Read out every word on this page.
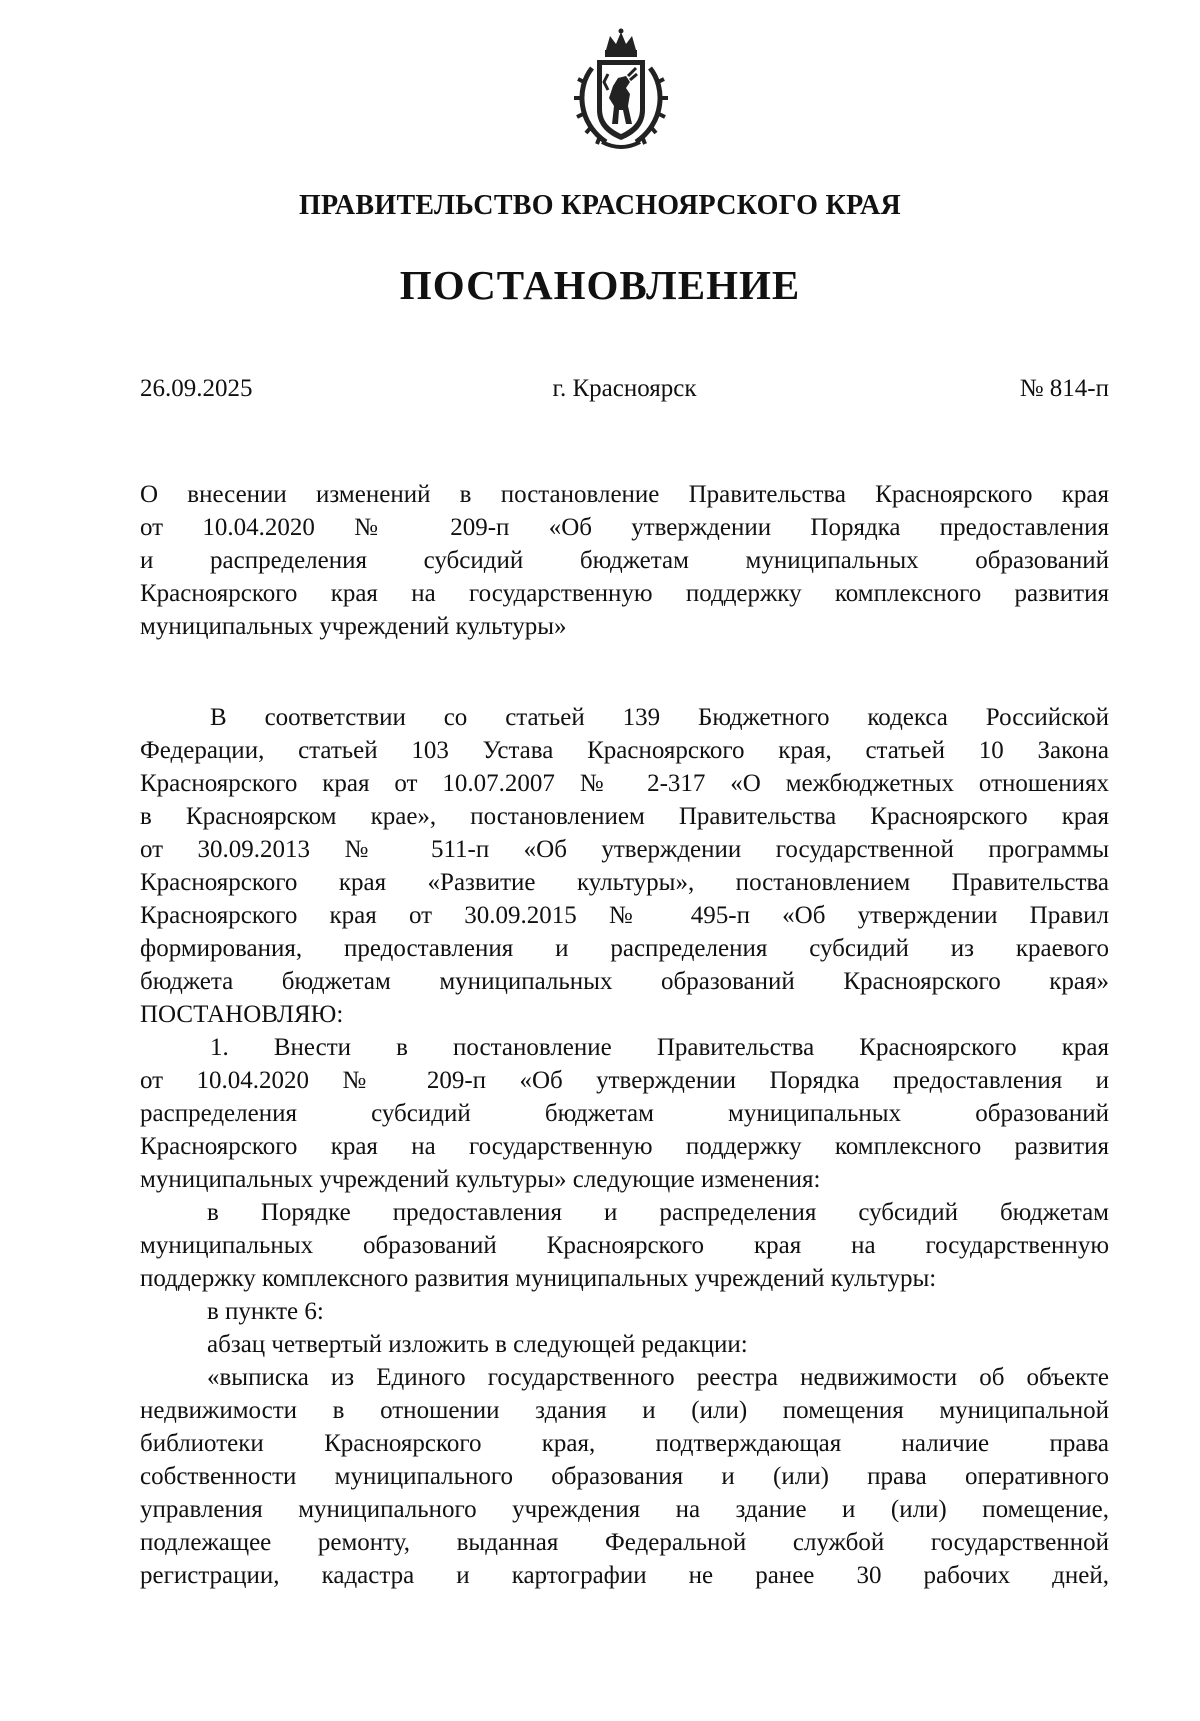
ПРАВИТЕЛЬСТВО КРАСНОЯРСКОГО КРАЯ
ПОСТАНОВЛЕНИЕ
26.09.2025	г. Красноярск	№ 814-п
О внесении изменений в постановление Правительства Красноярского края
от 10.04.2020 № 209-п «Об утверждении Порядка предоставления
и распределения субсидий бюджетам муниципальных образований
Красноярского края на государственную поддержку комплексного развития
муниципальных учреждений культуры»
В соответствии со статьей 139 Бюджетного кодекса Российской
Федерации, статьей 103 Устава Красноярского края, статьей 10 Закона
Красноярского края от 10.07.2007 № 2-317 «О межбюджетных отношениях
в Красноярском крае», постановлением Правительства Красноярского края
от 30.09.2013 № 511-п «Об утверждении государственной программы
Красноярского края «Развитие культуры», постановлением Правительства
Красноярского края от 30.09.2015 № 495-п «Об утверждении Правил
формирования, предоставления и распределения субсидий из краевого
бюджета бюджетам муниципальных образований Красноярского края»
ПОСТАНОВЛЯЮ:
1. Внести в постановление Правительства Красноярского края
от 10.04.2020 № 209-п «Об утверждении Порядка предоставления и
распределения субсидий бюджетам муниципальных образований
Красноярского края на государственную поддержку комплексного развития
муниципальных учреждений культуры» следующие изменения:
в Порядке предоставления и распределения субсидий бюджетам
муниципальных образований Красноярского края на государственную
поддержку комплексного развития муниципальных учреждений культуры:
в пункте 6:
абзац четвертый изложить в следующей редакции:
«выписка из Единого государственного реестра недвижимости об объекте
недвижимости в отношении здания и (или) помещения муниципальной
библиотеки Красноярского края, подтверждающая наличие права
собственности муниципального образования и (или) права оперативного
управления муниципального учреждения на здание и (или) помещение,
подлежащее ремонту, выданная Федеральной службой государственной
регистрации, кадастра и картографии не ранее 30 рабочих дней,
